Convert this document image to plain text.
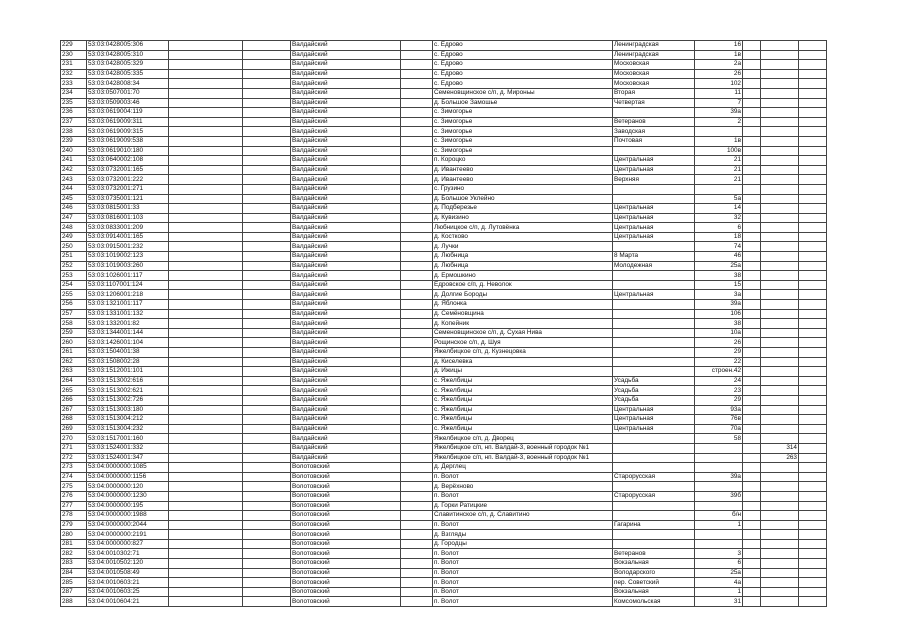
229	53:03:0428005:306			Валдайский		с. Едрово	Ленинградская	16			
230	53:03:0428005:310			Валдайский		с. Едрово	Ленинградская	1в			
231	53:03:0428005:329			Валдайский		с. Едрово	Московская	2а			
232	53:03:0428005:335			Валдайский		с. Едрово	Московская	26			
233	53:03:0428008:34			Валдайский		с. Едрово	Московская	102			
234	53:03:0507001:70			Валдайский		Семеновщинское с/п, д. Мироньы	Вторая	11			
235	53:03:0509003:46			Валдайский		д. Большое Замошье	Четвертая	7			
236	53:03:0619004:119			Валдайский		с. Зимогорье		39а			
237	53:03:0619009:311			Валдайский		с. Зимогорье	Ветеранов	2			
238	53:03:0619009:315			Валдайский		с. Зимогорье	Заводская				
239	53:03:0619009:538			Валдайский		с. Зимогорье	Почтовая	1в			
240	53:03:0619010:180			Валдайский		с. Зимогорье		100в			
241	53:03:0640002:108			Валдайский		п. Короцко	Центральная	21			
242	53:03:0732001:165			Валдайский		д. Ивантеево	Центральная	21			
243	53:03:0732001:222			Валдайский		д. Ивантеево	Верхняя	21			
244	53:03:0732001:271			Валдайский		с. Грузино					
245	53:03:0735001:121			Валдайский		д. Большое Уклейно		5а			
246	53:03:0815001:33			Валдайский		д. Подберезье	Центральная	14			
247	53:03:0816001:103			Валдайский		д. Кувизино	Центральная	32			
248	53:03:0833001:209			Валдайский		Любницкое с/п, д. Лутовёнка	Центральная	6			
249	53:03:0914001:165			Валдайский		д. Костково	Центральная	18			
250	53:03:0915001:232			Валдайский		д. Лучки		74			
251	53:03:1019002:123			Валдайский		д. Любница	8 Марта	46			
252	53:03:1019003:260			Валдайский		д. Любница	Молодежная	25а			
253	53:03:1026001:117			Валдайский		д. Ермошкино		38			
254	53:03:1107001:124			Валдайский		Едровское с/п, д. Неволок		15			
255	53:03:1206001:218			Валдайский		д. Долгие Бороды	Центральная	3а			
256	53:03:1321001:117			Валдайский		д. Яблонка		39а			
257	53:03:1331001:132			Валдайский		д. Семёновщина		106			
258	53:03:1332001:82			Валдайский		д. Копейник		38			
259	53:03:1344001:144			Валдайский		Семеновщинское с/п, д. Сухая Нива		10а			
260	53:03:1426001:104			Валдайский		Рощинское с/п, д. Шуя		26			
261	53:03:1504001:38			Валдайский		Яжелбицкое с/п, д. Кузнецовка		29			
262	53:03:1508002:28			Валдайский		д. Киселевка		22			
263	53:03:1512001:101			Валдайский		д. Ижицы		строен.42			
264	53:03:1513002:616			Валдайский		с. Яжелбицы	Усадьба	24			
265	53:03:1513002:621			Валдайский		с. Яжелбицы	Усадьба	23			
266	53:03:1513002:726			Валдайский		с. Яжелбицы	Усадьба	29			
267	53:03:1513003:180			Валдайский		с. Яжелбицы	Центральная	93а			
268	53:03:1513004:212			Валдайский		с. Яжелбицы	Центральная	76в			
269	53:03:1513004:232			Валдайский		с. Яжелбицы	Центральная	70а			
270	53:03:1517001:160			Валдайский		Яжелбицкое с/п, д. Дворец		58			
271	53:03:1524001:332			Валдайский		Яжелбицкое с/п, нп. Валдай-3, военный городок №1				314	
272	53:03:1524001:347			Валдайский		Яжелбицкое с/п, нп. Валдай-3, военный городок №1				263	
273	53:04:0000000:1085			Волотовский		д. Дерглец					
274	53:04:0000000:1156			Волотовский		п. Волот	Старорусская	39а			
275	53:04:0000000:120			Волотовский		д. Верёхново					
276	53:04:0000000:1230			Волотовский		п. Волот	Старорусская	39б			
277	53:04:0000000:195			Волотовский		д. Горки Ратицкие					
278	53:04:0000000:1988			Волотовский		Славитинское с/п, д. Славитино		б/н			
279	53:04:0000000:2044			Волотовский		п. Волот	Гагарина	1			
280	53:04:0000000:2191			Волотовский		д. Взгляды					
281	53:04:0000000:827			Волотовский		д. Городцы					
282	53:04:0010302:71			Волотовский		п. Волот	Ветеранов	3			
283	53:04:0010502:120			Волотовский		п. Волот	Вокзальная	6			
284	53:04:0010508:49			Волотовский		п. Волот	Володарского	25а			
285	53:04:0010603:21			Волотовский		п. Волот	пер. Советский	4а			
287	53:04:0010603:25			Волотовский		п. Волот	Вокзальная	1			
288	53:04:0010604:21			Волотовский		п. Волот	Комсомольская	31			
